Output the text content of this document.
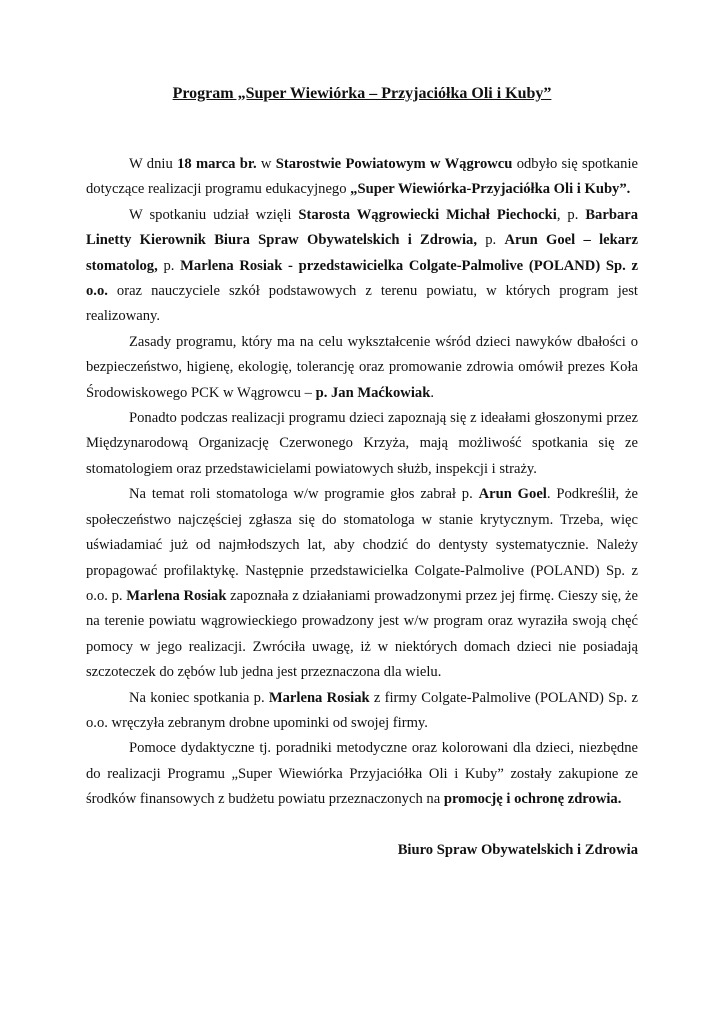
Program „Super Wiewiórka – Przyjaciółka Oli i Kuby”

W dniu 18 marca br. w Starostwie Powiatowym w Wągrowcu odbyło się spotkanie dotyczące realizacji programu edukacyjnego „Super Wiewiórka-Przyjaciółka Oli i Kuby”.

W spotkaniu udział wzięli Starosta Wągrowiecki Michał Piechocki, p. Barbara Linetty Kierownik Biura Spraw Obywatelskich i Zdrowia, p. Arun Goel – lekarz stomatolog, p. Marlena Rosiak - przedstawicielka Colgate-Palmolive (POLAND) Sp. z o.o. oraz nauczyciele szkół podstawowych z terenu powiatu, w których program jest realizowany.

Zasady programu, który ma na celu wykształcenie wśród dzieci nawyków dbałości o bezpieczeństwo, higienę, ekologię, tolerancję oraz promowanie zdrowia omówił prezes Koła Środowiskowego PCK w Wągrowcu – p. Jan Maćkowiak.

Ponadto podczas realizacji programu dzieci zapoznają się z ideałami głoszonymi przez Międzynarodową Organizację Czerwonego Krzyża, mają możliwość spotkania się ze stomatologiem oraz przedstawicielami powiatowych służb, inspekcji i straży.

Na temat roli stomatologa w/w programie głos zabrał p. Arun Goel. Podkreślił, że społeczeństwo najczęściej zgłasza się do stomatologa w stanie krytycznym. Trzeba, więc uświadamiać już od najmłodszych lat, aby chodzić do dentysty systematycznie. Należy propagować profilaktykę. Następnie przedstawicielka Colgate-Palmolive (POLAND) Sp. z o.o. p. Marlena Rosiak zapoznała z działaniami prowadzonymi przez jej firmę. Cieszy się, że na terenie powiatu wągrowieckiego prowadzony jest w/w program oraz wyraziła swoją chęć pomocy w jego realizacji. Zwróciła uwagę, iż w niektórych domach dzieci nie posiadają szczoteczek do zębów lub jedna jest przeznaczona dla wielu.

Na koniec spotkania p. Marlena Rosiak z firmy Colgate-Palmolive (POLAND) Sp. z o.o. wręczyła zebranym drobne upominki od swojej firmy.

Pomoce dydaktyczne tj. poradniki metodyczne oraz kolorowani dla dzieci, niezbędne do realizacji Programu „Super Wiewiórka Przyjaciółka Oli i Kuby” zostały zakupione ze środków finansowych z budżetu powiatu przeznaczonych na promocję i ochronę zdrowia.

Biuro Spraw Obywatelskich i Zdrowia
